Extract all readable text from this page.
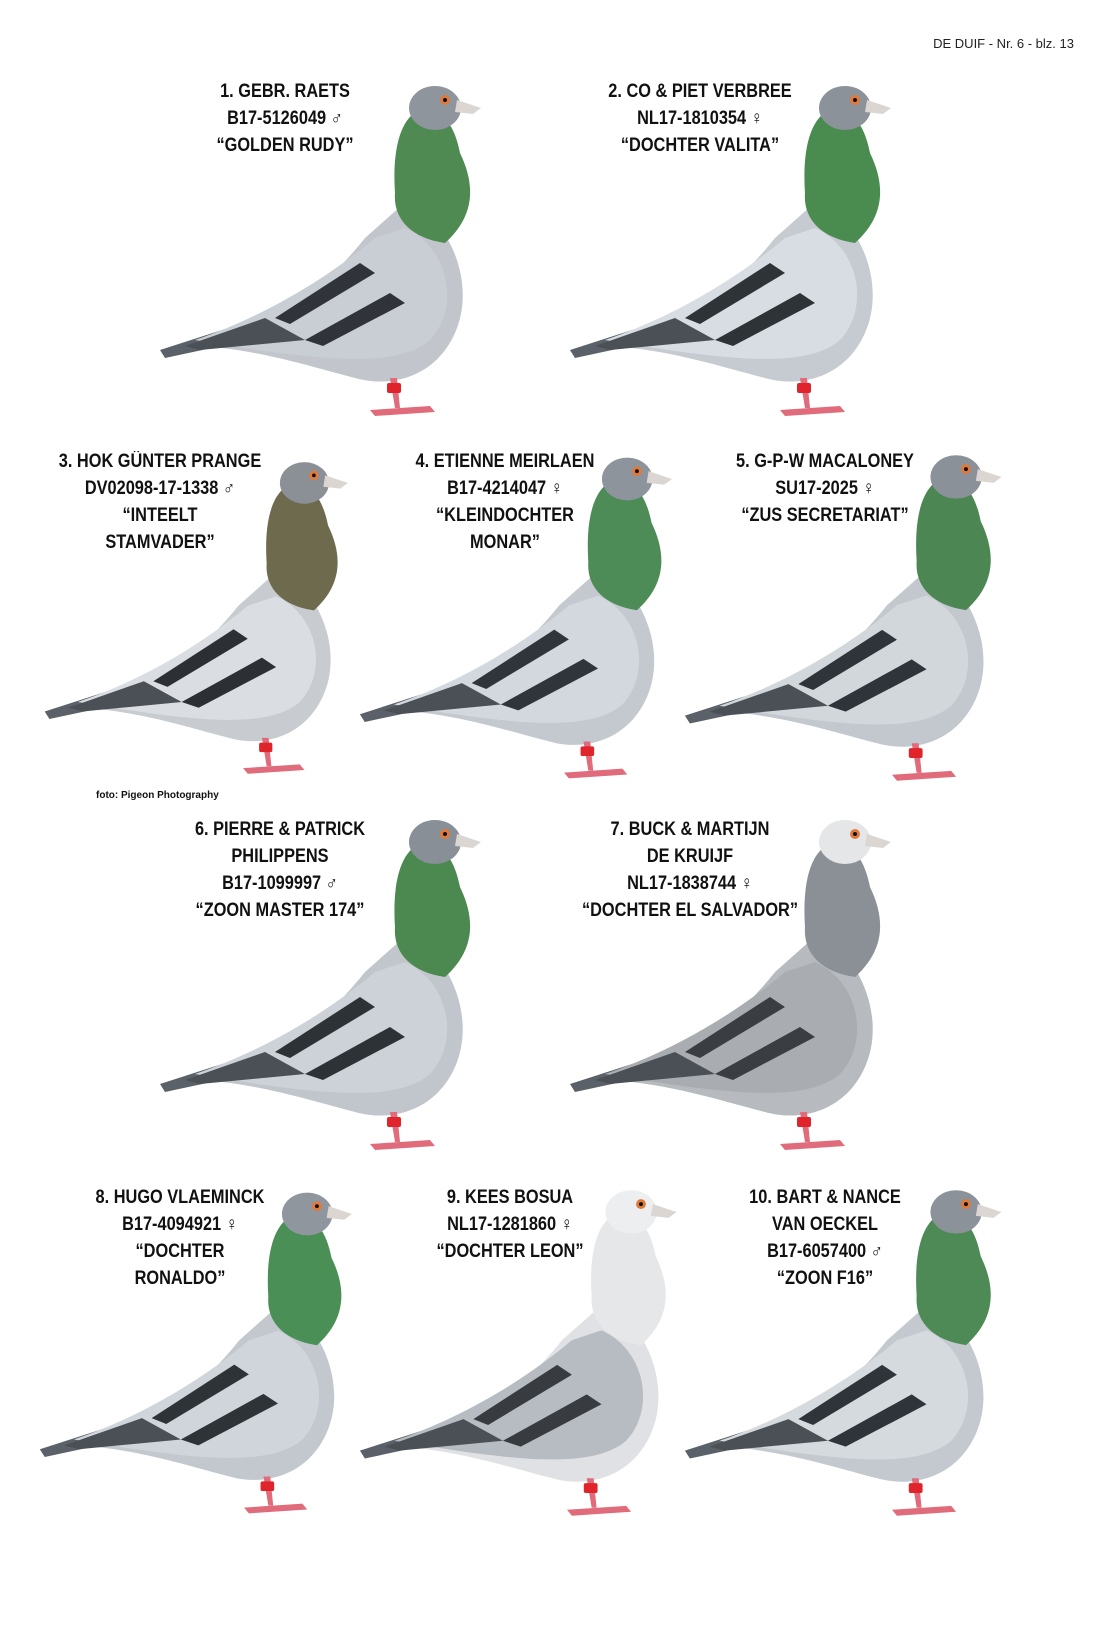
DE DUIF - Nr. 6 - blz. 13
1. GEBR. RAETS
B17-5126049 ♂
“GOLDEN RUDY”
2. CO & PIET VERBREE
NL17-1810354 ♀
“DOCHTER VALITA”
3. HOK GÜNTER PRANGE
DV02098-17-1338 ♂
“INTEELT
STAMVADER”
4. ETIENNE MEIRLAEN
B17-4214047 ♀
“KLEINDOCHTER
MONAR”
5. G-P-W MACALONEY
SU17-2025 ♀
“ZUS SECRETARIAT”
6. PIERRE & PATRICK
PHILIPPENS
B17-1099997 ♂
“ZOON MASTER 174”
7. BUCK & MARTIJN
DE KRUIJF
NL17-1838744 ♀
“DOCHTER EL SALVADOR”
8. HUGO VLAEMINCK
B17-4094921 ♀
“DOCHTER
RONALDO”
9. KEES BOSUA
NL17-1281860 ♀
“DOCHTER LEON”
10. BART & NANCE
VAN OECKEL
B17-6057400 ♂
“ZOON F16”
foto: Pigeon Photography
